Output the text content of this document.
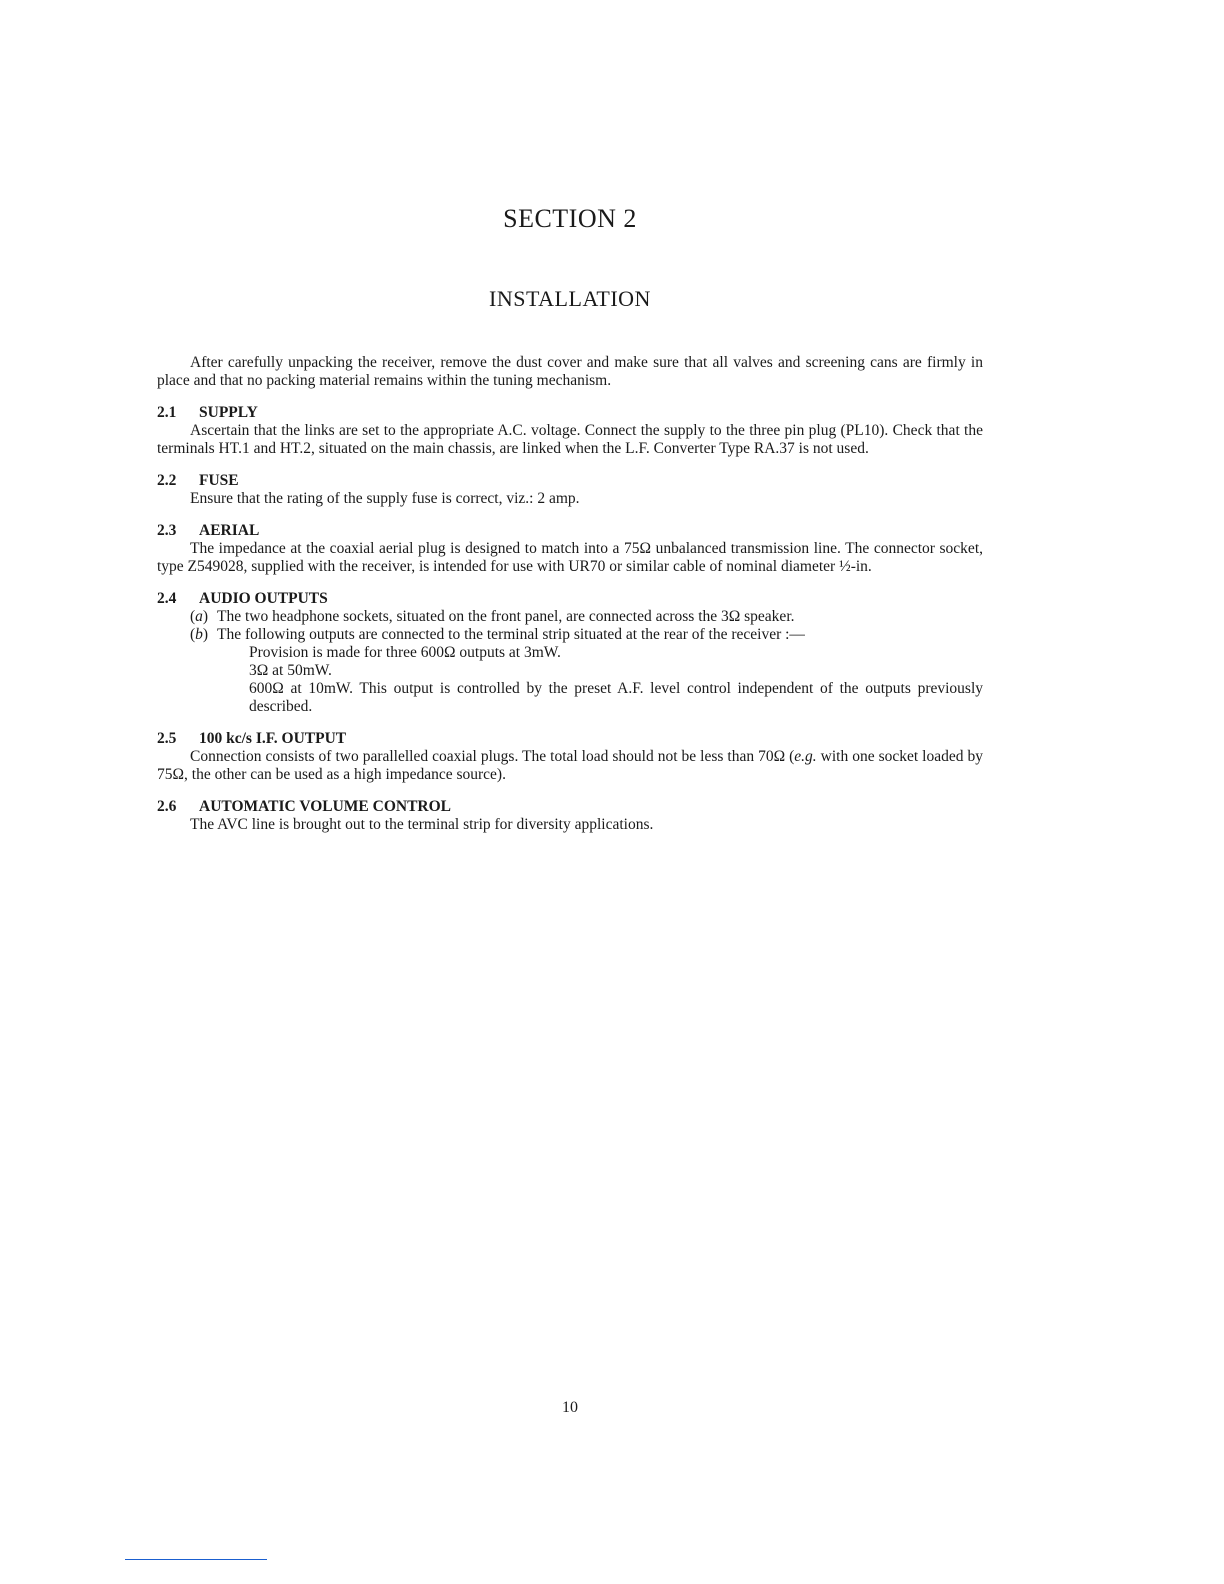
SECTION 2
INSTALLATION

After carefully unpacking the receiver, remove the dust cover and make sure that all valves and screening cans are firmly in place and that no packing material remains within the tuning mechanism.

2.1	SUPPLY

Ascertain that the links are set to the appropriate A.C. voltage. Connect the supply to the three pin plug (PL10). Check that the terminals HT.1 and HT.2, situated on the main chassis, are linked when the L.F. Converter Type RA.37 is not used.

2.2	FUSE

Ensure that the rating of the supply fuse is correct, viz.: 2 amp.

2.3	AERIAL

The impedance at the coaxial aerial plug is designed to match into a 75Ω unbalanced transmission line. The connector socket, type Z549028, supplied with the receiver, is intended for use with UR70 or similar cable of nominal diameter ½-in.

2.4	AUDIO OUTPUTS
(a) The two headphone sockets, situated on the front panel, are connected across the 3Ω speaker.
(b) The following outputs are connected to the terminal strip situated at the rear of the receiver :—
Provision is made for three 600Ω outputs at 3mW.
3Ω at 50mW.
600Ω at 10mW. This output is controlled by the preset A.F. level control independent of the outputs previously described.
2.5	100 kc/s I.F. OUTPUT

Connection consists of two parallelled coaxial plugs. The total load should not be less than 70Ω (e.g. with one socket loaded by 75Ω, the other can be used as a high impedance source).

2.6	AUTOMATIC VOLUME CONTROL

The AVC line is brought out to the terminal strip for diversity applications.

10
